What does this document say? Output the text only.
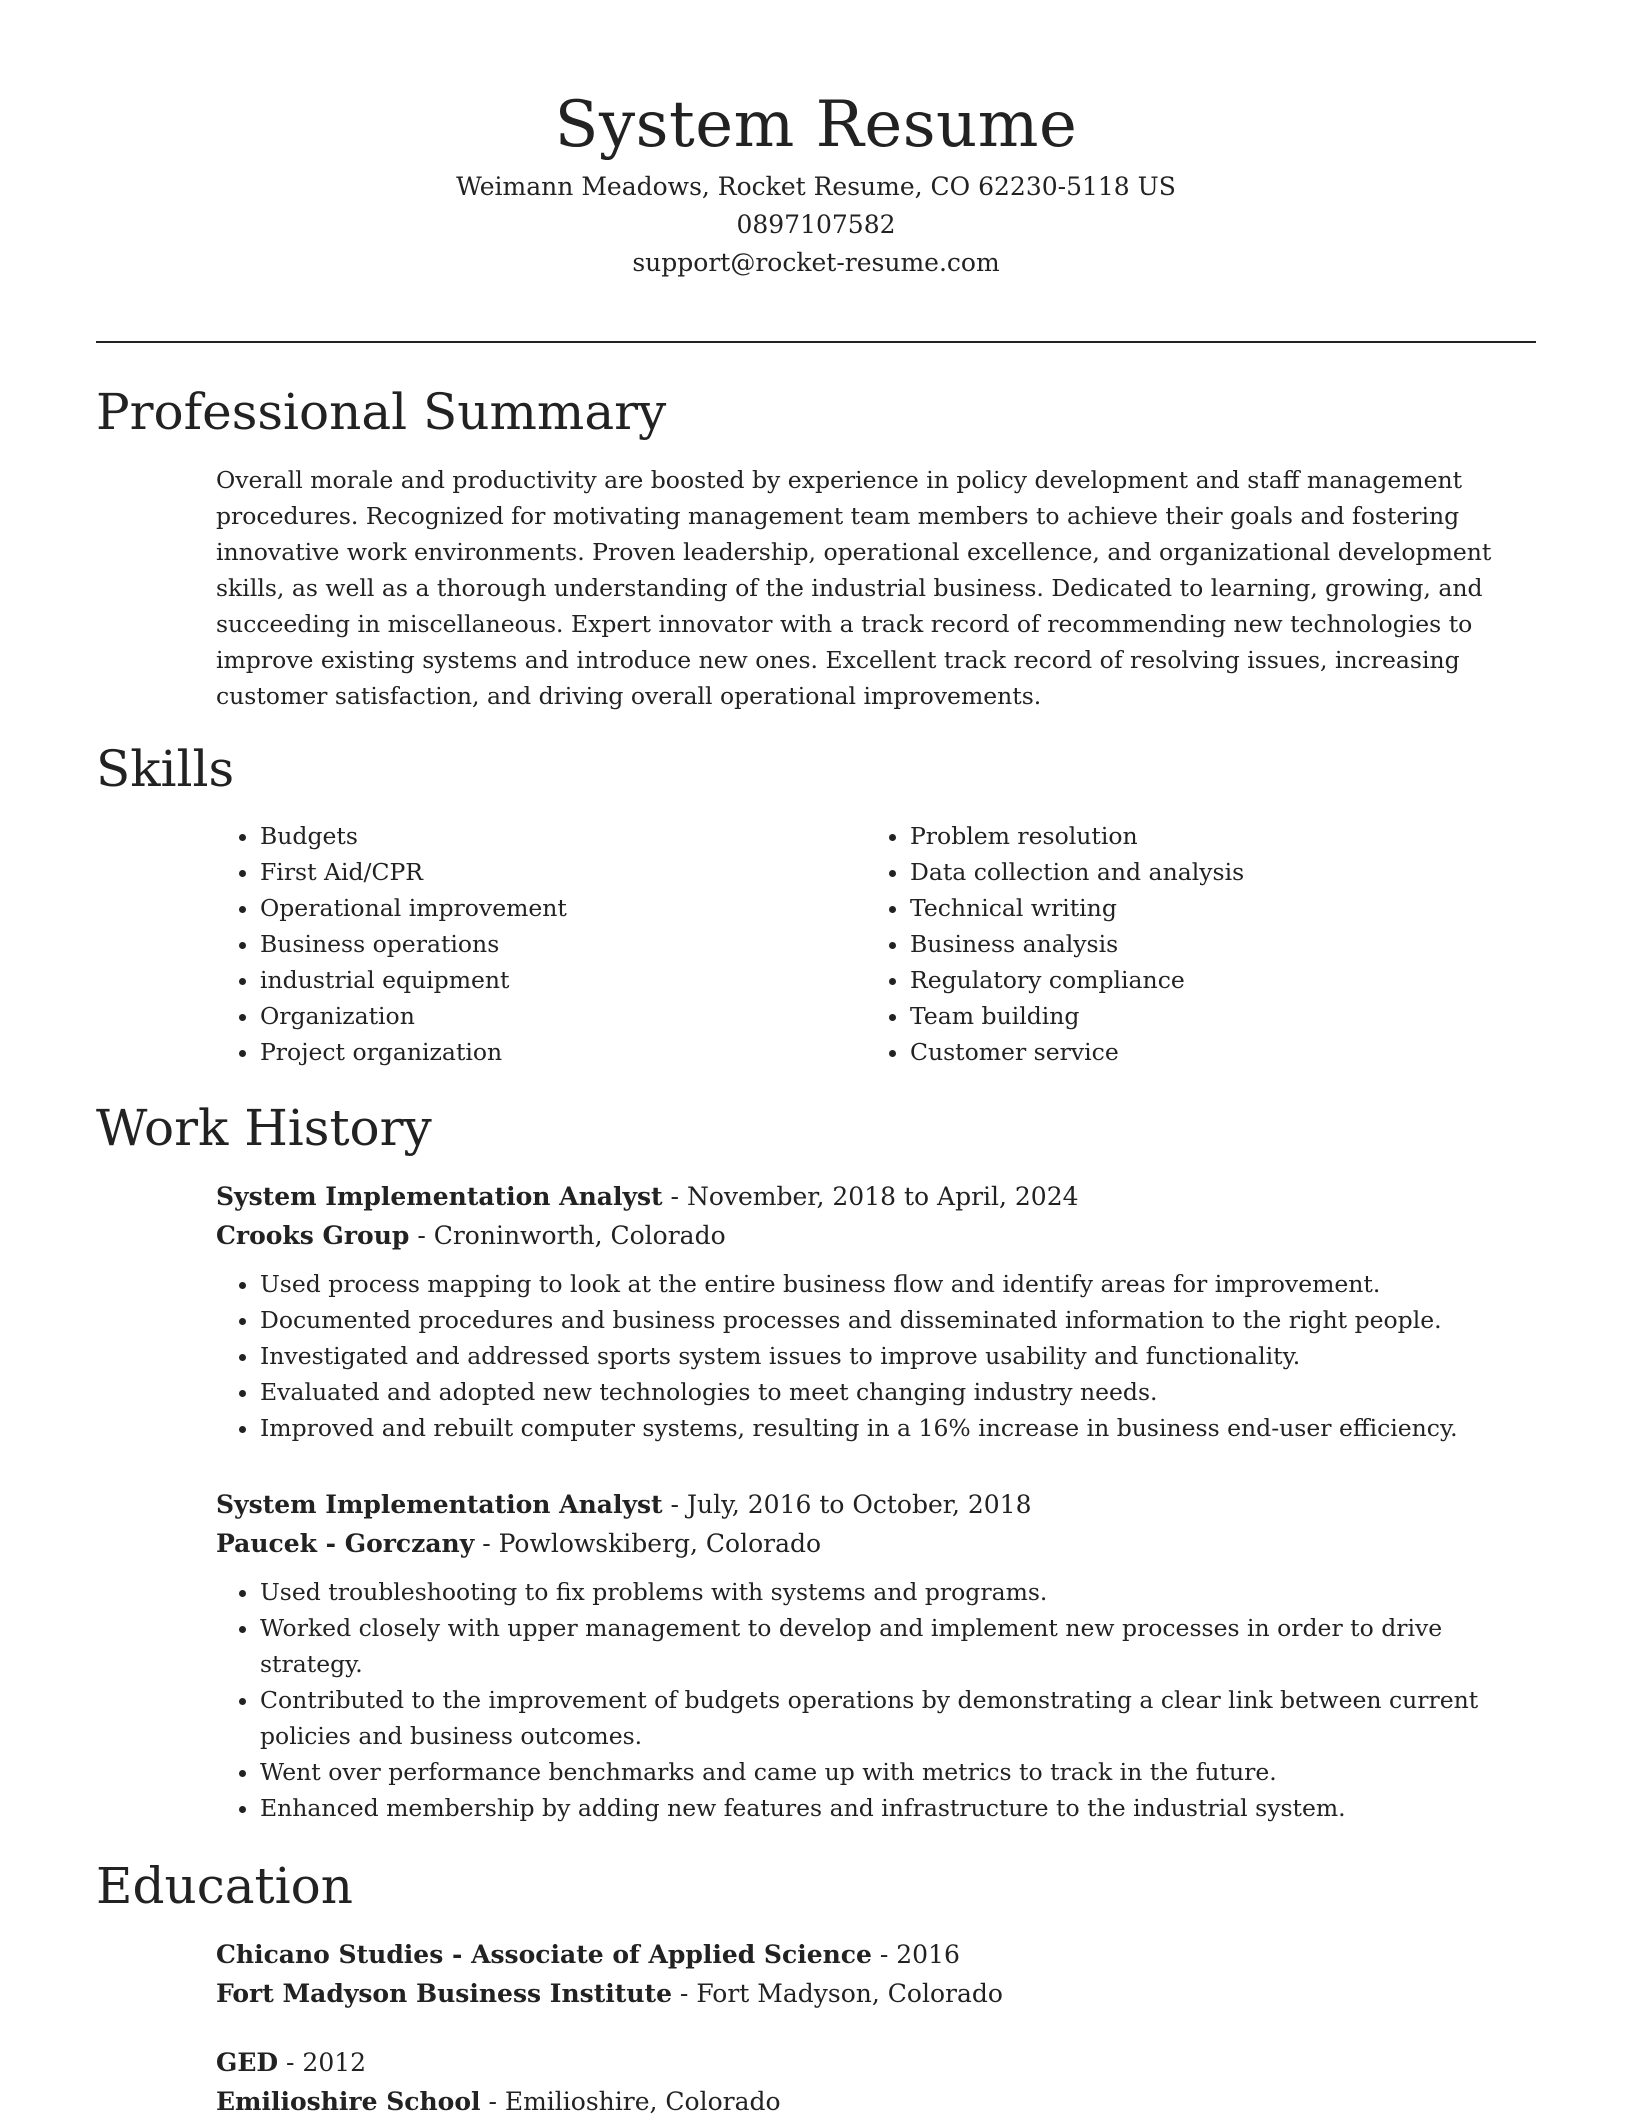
System Resume
Weimann Meadows, Rocket Resume, CO 62230-5118 US
0897107582
support@rocket-resume.com
Professional Summary
Overall morale and productivity are boosted by experience in policy development and staff management procedures. Recognized for motivating management team members to achieve their goals and fostering innovative work environments. Proven leadership, operational excellence, and organizational development skills, as well as a thorough understanding of the industrial business. Dedicated to learning, growing, and succeeding in miscellaneous. Expert innovator with a track record of recommending new technologies to improve existing systems and introduce new ones. Excellent track record of resolving issues, increasing customer satisfaction, and driving overall operational improvements.
Skills
• Budgets
• First Aid/CPR
• Operational improvement
• Business operations
• industrial equipment
• Organization
• Project organization
• Problem resolution
• Data collection and analysis
• Technical writing
• Business analysis
• Regulatory compliance
• Team building
• Customer service
Work History
System Implementation Analyst - November, 2018 to April, 2024
Crooks Group - Croninworth, Colorado
• Used process mapping to look at the entire business flow and identify areas for improvement.
• Documented procedures and business processes and disseminated information to the right people.
• Investigated and addressed sports system issues to improve usability and functionality.
• Evaluated and adopted new technologies to meet changing industry needs.
• Improved and rebuilt computer systems, resulting in a 16% increase in business end-user efficiency.
System Implementation Analyst - July, 2016 to October, 2018
Paucek - Gorczany - Powlowskiberg, Colorado
• Used troubleshooting to fix problems with systems and programs.
• Worked closely with upper management to develop and implement new processes in order to drive strategy.
• Contributed to the improvement of budgets operations by demonstrating a clear link between current policies and business outcomes.
• Went over performance benchmarks and came up with metrics to track in the future.
• Enhanced membership by adding new features and infrastructure to the industrial system.
Education
Chicano Studies - Associate of Applied Science - 2016
Fort Madyson Business Institute - Fort Madyson, Colorado
GED - 2012
Emilioshire School - Emilioshire, Colorado
